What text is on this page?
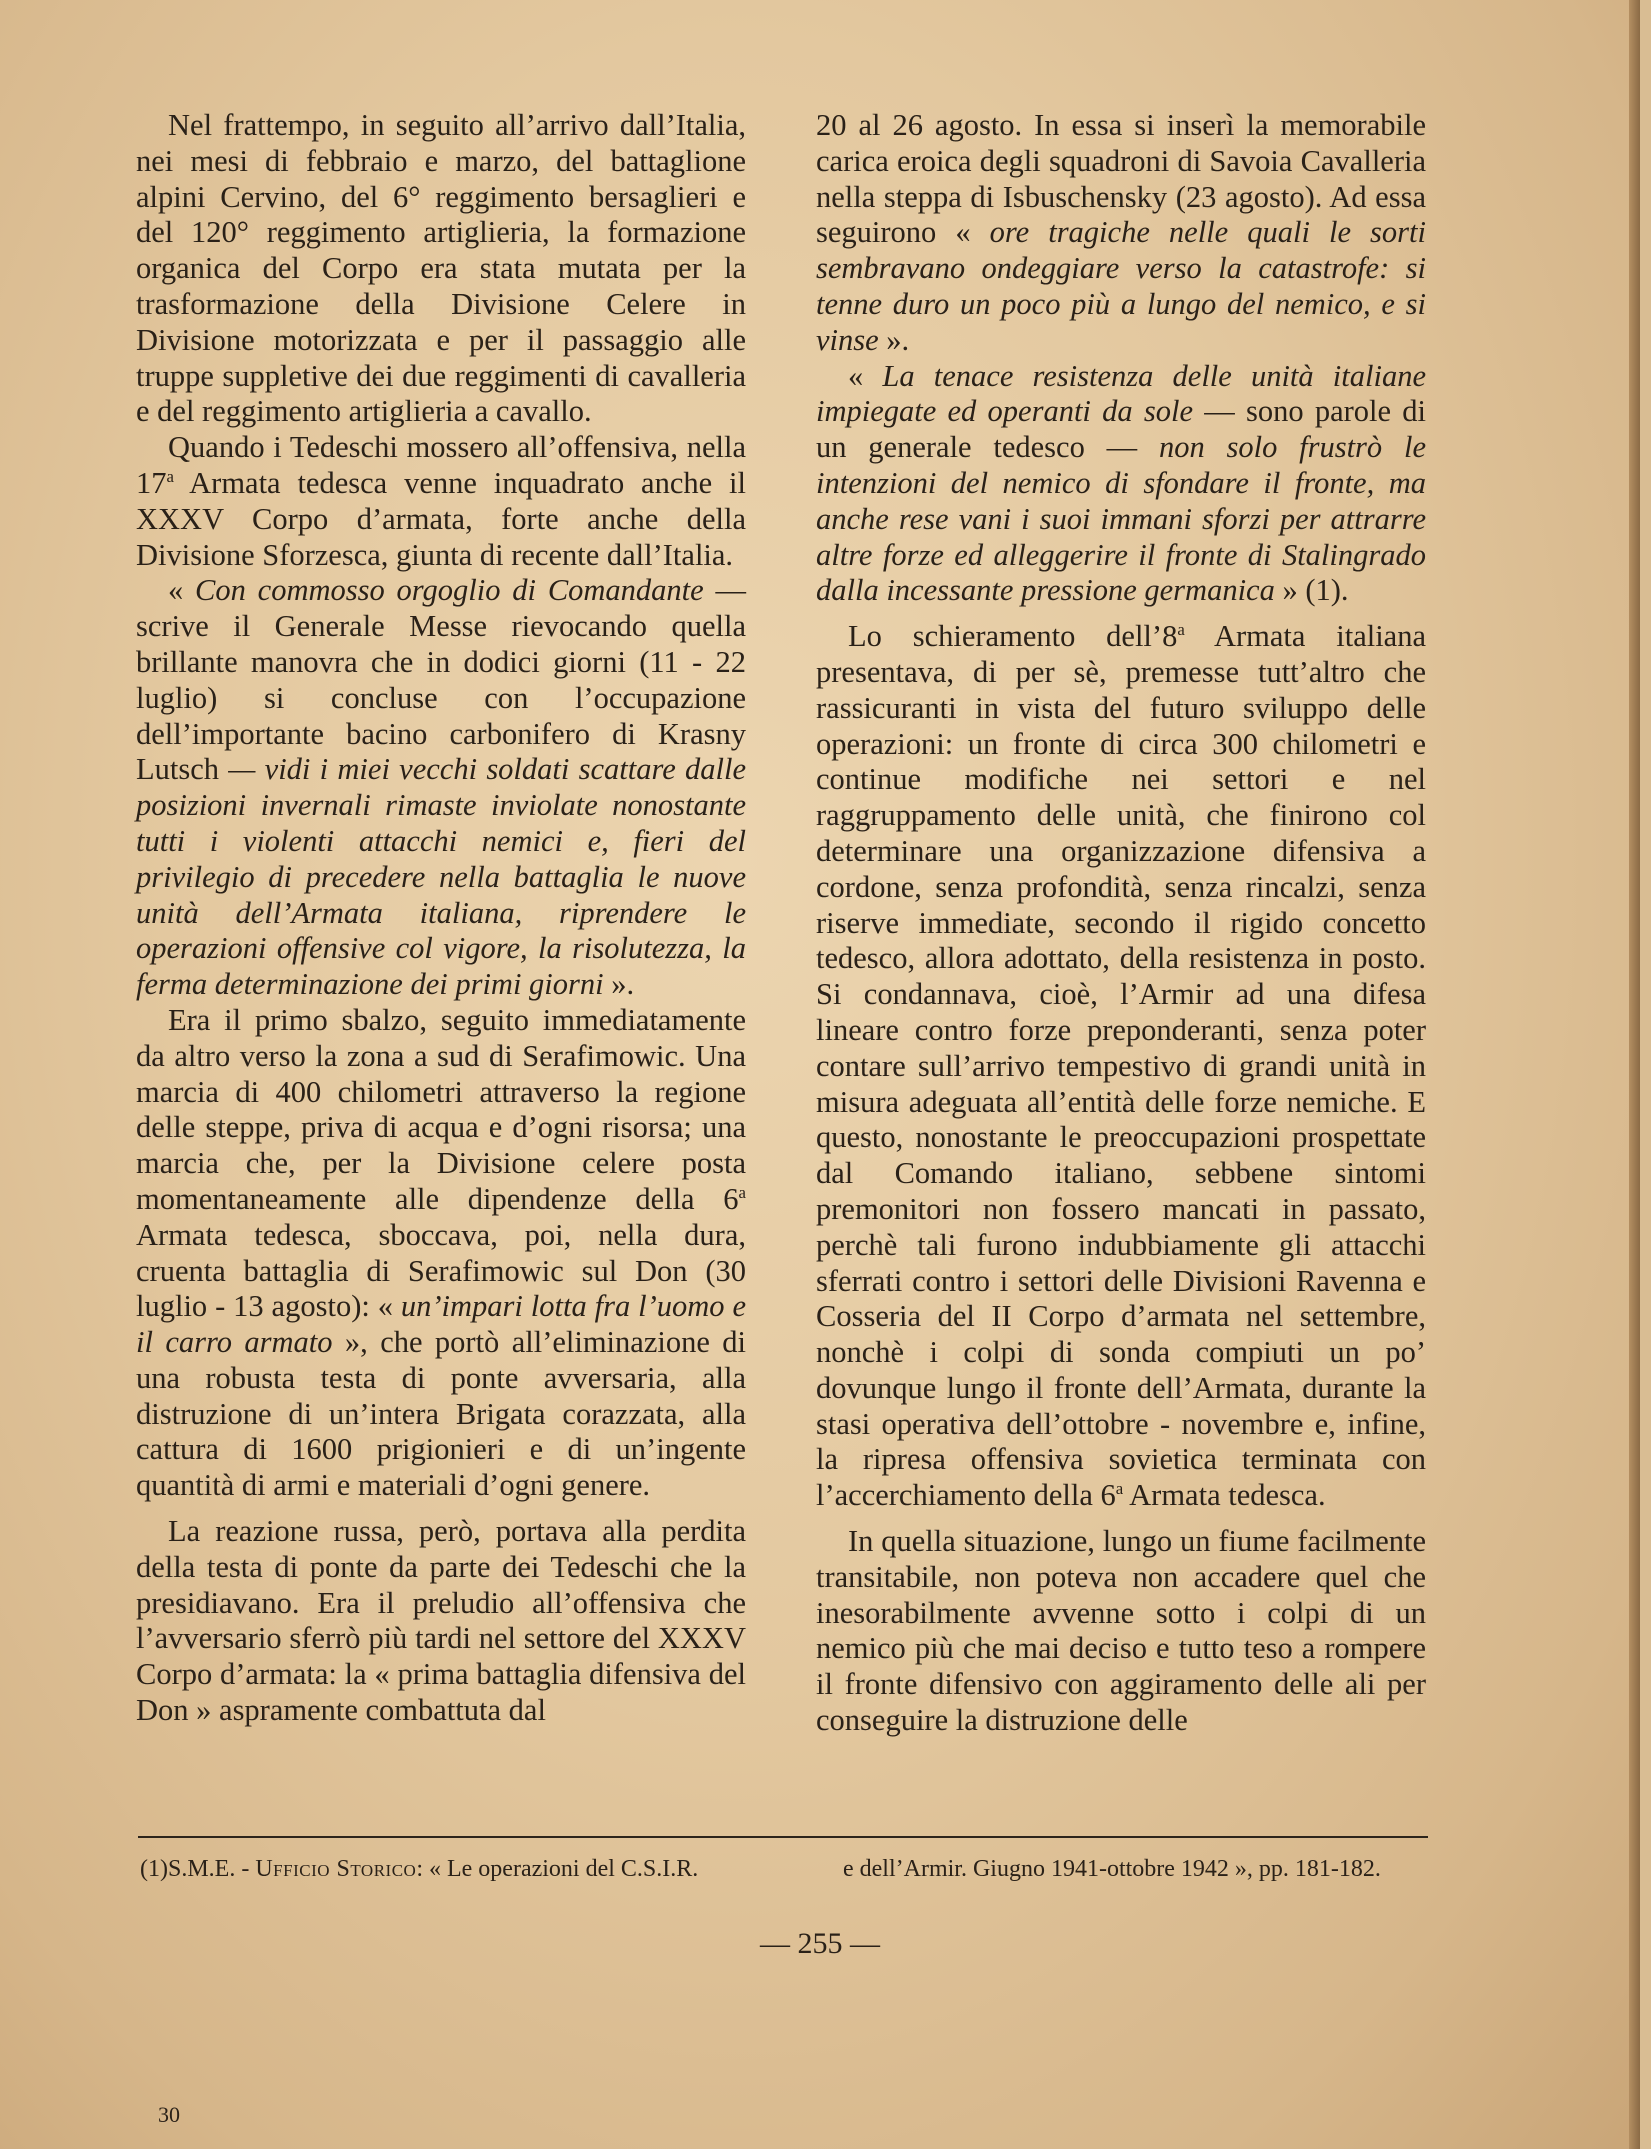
Nel frattempo, in seguito all’arrivo dall’Italia, nei mesi di febbraio e marzo, del battaglione alpini Cervino, del 6° reggimento bersaglieri e del 120° reggimento artiglieria, la formazione organica del Corpo era stata mutata per la trasformazione della Divisione Celere in Divisione motorizzata e per il passaggio alle truppe suppletive dei due reggimenti di cavalleria e del reggimento artiglieria a cavallo.

Quando i Tedeschi mossero all’offensiva, nella 17$^a$ Armata tedesca venne inquadrato anche il XXXV Corpo d’armata, forte anche della Divisione Sforzesca, giunta di recente dall’Italia.

« Con commosso orgoglio di Comandante — scrive il Generale Messe rievocando quella brillante manovra che in dodici giorni (11 - 22 luglio) si concluse con l’occupazione dell’importante bacino carbonifero di Krasny Lutsch — vidi i miei vecchi soldati scattare dalle posizioni invernali rimaste inviolate nonostante tutti i violenti attacchi nemici e, fieri del privilegio di precedere nella battaglia le nuove unità dell’Armata italiana, riprendere le operazioni offensive col vigore, la risolutezza, la ferma determinazione dei primi giorni ».

Era il primo sbalzo, seguito immediatamente da altro verso la zona a sud di Serafimowic. Una marcia di 400 chilometri attraverso la regione delle steppe, priva di acqua e d’ogni risorsa; una marcia che, per la Divisione celere posta momentaneamente alle dipendenze della 6$^a$ Armata tedesca, sboccava, poi, nella dura, cruenta battaglia di Serafimowic sul Don (30 luglio - 13 agosto): « un’impari lotta fra l’uomo e il carro armato », che portò all’eliminazione di una robusta testa di ponte avversaria, alla distruzione di un’intera Brigata corazzata, alla cattura di 1600 prigionieri e di un’ingente quantità di armi e materiali d’ogni genere.

La reazione russa, però, portava alla perdita della testa di ponte da parte dei Tedeschi che la presidiavano. Era il preludio all’offensiva che l’avversario sferrò più tardi nel settore del XXXV Corpo d’armata: la « prima battaglia difensiva del Don » aspramente combattuta dal

20 al 26 agosto. In essa si inserì la memorabile carica eroica degli squadroni di Savoia Cavalleria nella steppa di Isbuschensky (23 agosto). Ad essa seguirono « ore tragiche nelle quali le sorti sembravano ondeggiare verso la catastrofe: si tenne duro un poco più a lungo del nemico, e si vinse ».

« La tenace resistenza delle unità italiane impiegate ed operanti da sole — sono parole di un generale tedesco — non solo frustrò le intenzioni del nemico di sfondare il fronte, ma anche rese vani i suoi immani sforzi per attrarre altre forze ed alleggerire il fronte di Stalingrado dalla incessante pressione germanica » (1).

Lo schieramento dell’8$^a$ Armata italiana presentava, di per sè, premesse tutt’altro che rassicuranti in vista del futuro sviluppo delle operazioni: un fronte di circa 300 chilometri e continue modifiche nei settori e nel raggruppamento delle unità, che finirono col determinare una organizzazione difensiva a cordone, senza profondità, senza rincalzi, senza riserve immediate, secondo il rigido concetto tedesco, allora adottato, della resistenza in posto. Si condannava, cioè, l’Armir ad una difesa lineare contro forze preponderanti, senza poter contare sull’arrivo tempestivo di grandi unità in misura adeguata all’entità delle forze nemiche. E questo, nonostante le preoccupazioni prospettate dal Comando italiano, sebbene sintomi premonitori non fossero mancati in passato, perchè tali furono indubbiamente gli attacchi sferrati contro i settori delle Divisioni Ravenna e Cosseria del II Corpo d’armata nel settembre, nonchè i colpi di sonda compiuti un po’ dovunque lungo il fronte dell’Armata, durante la stasi operativa dell’ottobre - novembre e, infine, la ripresa offensiva sovietica terminata con l’accerchiamento della 6$^a$ Armata tedesca.

In quella situazione, lungo un fiume facilmente transitabile, non poteva non accadere quel che inesorabilmente avvenne sotto i colpi di un nemico più che mai deciso e tutto teso a rompere il fronte difensivo con aggiramento delle ali per conseguire la distruzione delle

(1)S.M.E. - Ufficio Storico: « Le operazioni del C.S.I.R.	e dell’Armir. Giugno 1941-ottobre 1942 », pp. 181-182.
— 255 —
30
